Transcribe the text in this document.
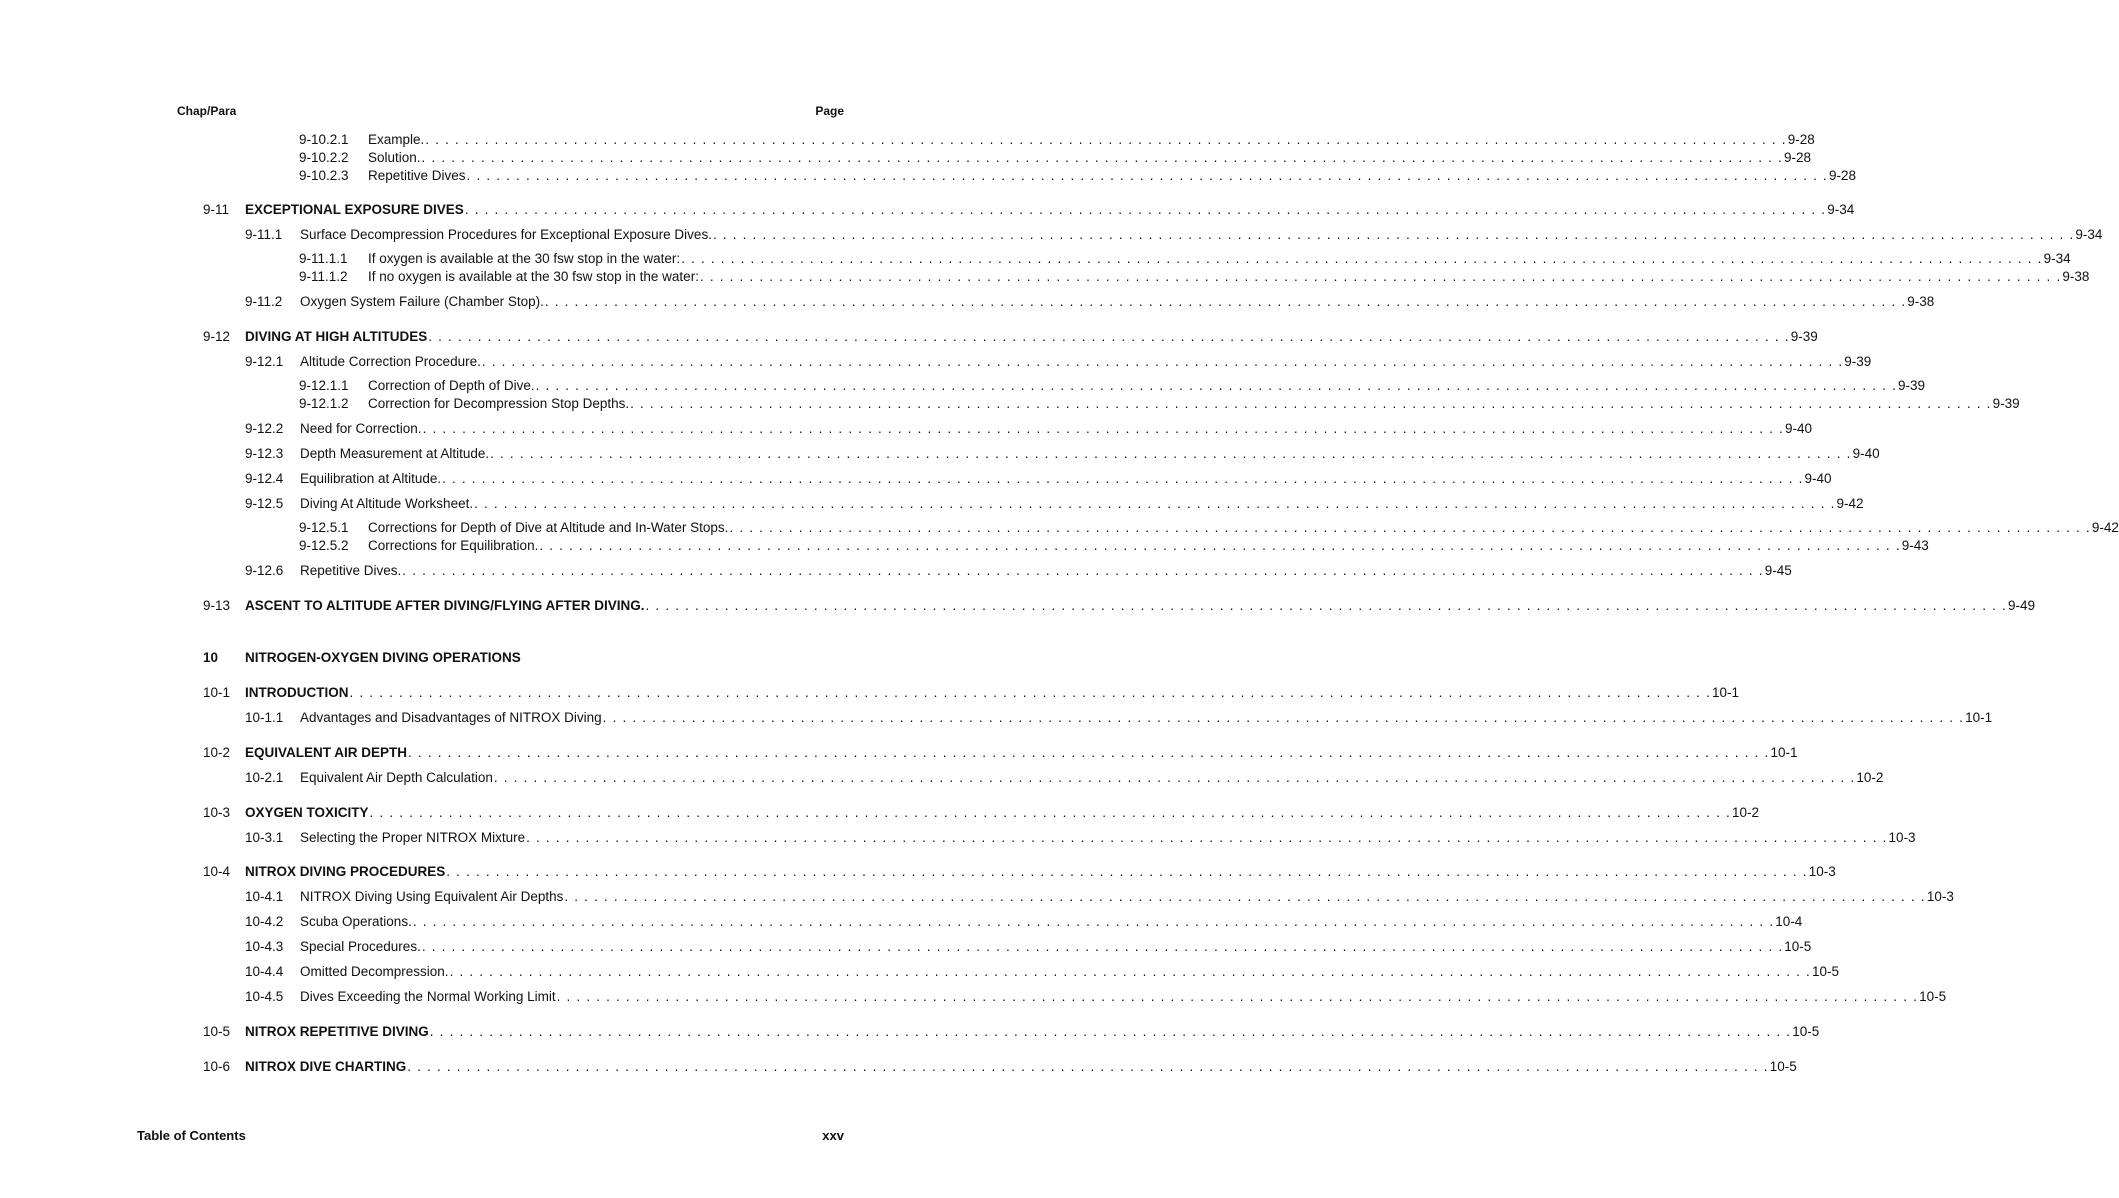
Chap/Para	Page
9-10.2.1	Example. . . .	9-28
9-10.2.2	Solution. . . .	9-28
9-10.2.3	Repetitive Dives . . .	9-28
9-11	EXCEPTIONAL EXPOSURE DIVES . . .	9-34
9-11.1	Surface Decompression Procedures for Exceptional Exposure Dives. . . .	9-34
9-11.1.1	If oxygen is available at the 30 fsw stop in the water: . . .	9-34
9-11.1.2	If no oxygen is available at the 30 fsw stop in the water: . . .	9-38
9-11.2	Oxygen System Failure (Chamber Stop). . . .	9-38
9-12	DIVING AT HIGH ALTITUDES . . .	9-39
9-12.1	Altitude Correction Procedure. . . .	9-39
9-12.1.1	Correction of Depth of Dive. . . .	9-39
9-12.1.2	Correction for Decompression Stop Depths. . . .	9-39
9-12.2	Need for Correction. . . .	9-40
9-12.3	Depth Measurement at Altitude. . . .	9-40
9-12.4	Equilibration at Altitude. . . .	9-40
9-12.5	Diving At Altitude Worksheet. . . .	9-42
9-12.5.1	Corrections for Depth of Dive at Altitude and In-Water Stops. . . .	9-42
9-12.5.2	Corrections for Equilibration. . . .	9-43
9-12.6	Repetitive Dives. . . .	9-45
9-13	ASCENT TO ALTITUDE AFTER DIVING/FLYING AFTER DIVING. . . .	9-49
10	NITROGEN-OXYGEN DIVING OPERATIONS
10-1	INTRODUCTION . . .	10-1
10-1.1	Advantages and Disadvantages of NITROX Diving . . .	10-1
10-2	EQUIVALENT AIR DEPTH . . .	10-1
10-2.1	Equivalent Air Depth Calculation . . .	10-2
10-3	OXYGEN TOXICITY . . .	10-2
10-3.1	Selecting the Proper NITROX Mixture . . .	10-3
10-4	NITROX DIVING PROCEDURES . . .	10-3
10-4.1	NITROX Diving Using Equivalent Air Depths . . .	10-3
10-4.2	Scuba Operations. . . .	10-4
10-4.3	Special Procedures. . . .	10-5
10-4.4	Omitted Decompression. . . .	10-5
10-4.5	Dives Exceeding the Normal Working Limit . . .	10-5
10-5	NITROX REPETITIVE DIVING . . .	10-5
10-6	NITROX DIVE CHARTING . . .	10-5
Table of Contents	xxv
